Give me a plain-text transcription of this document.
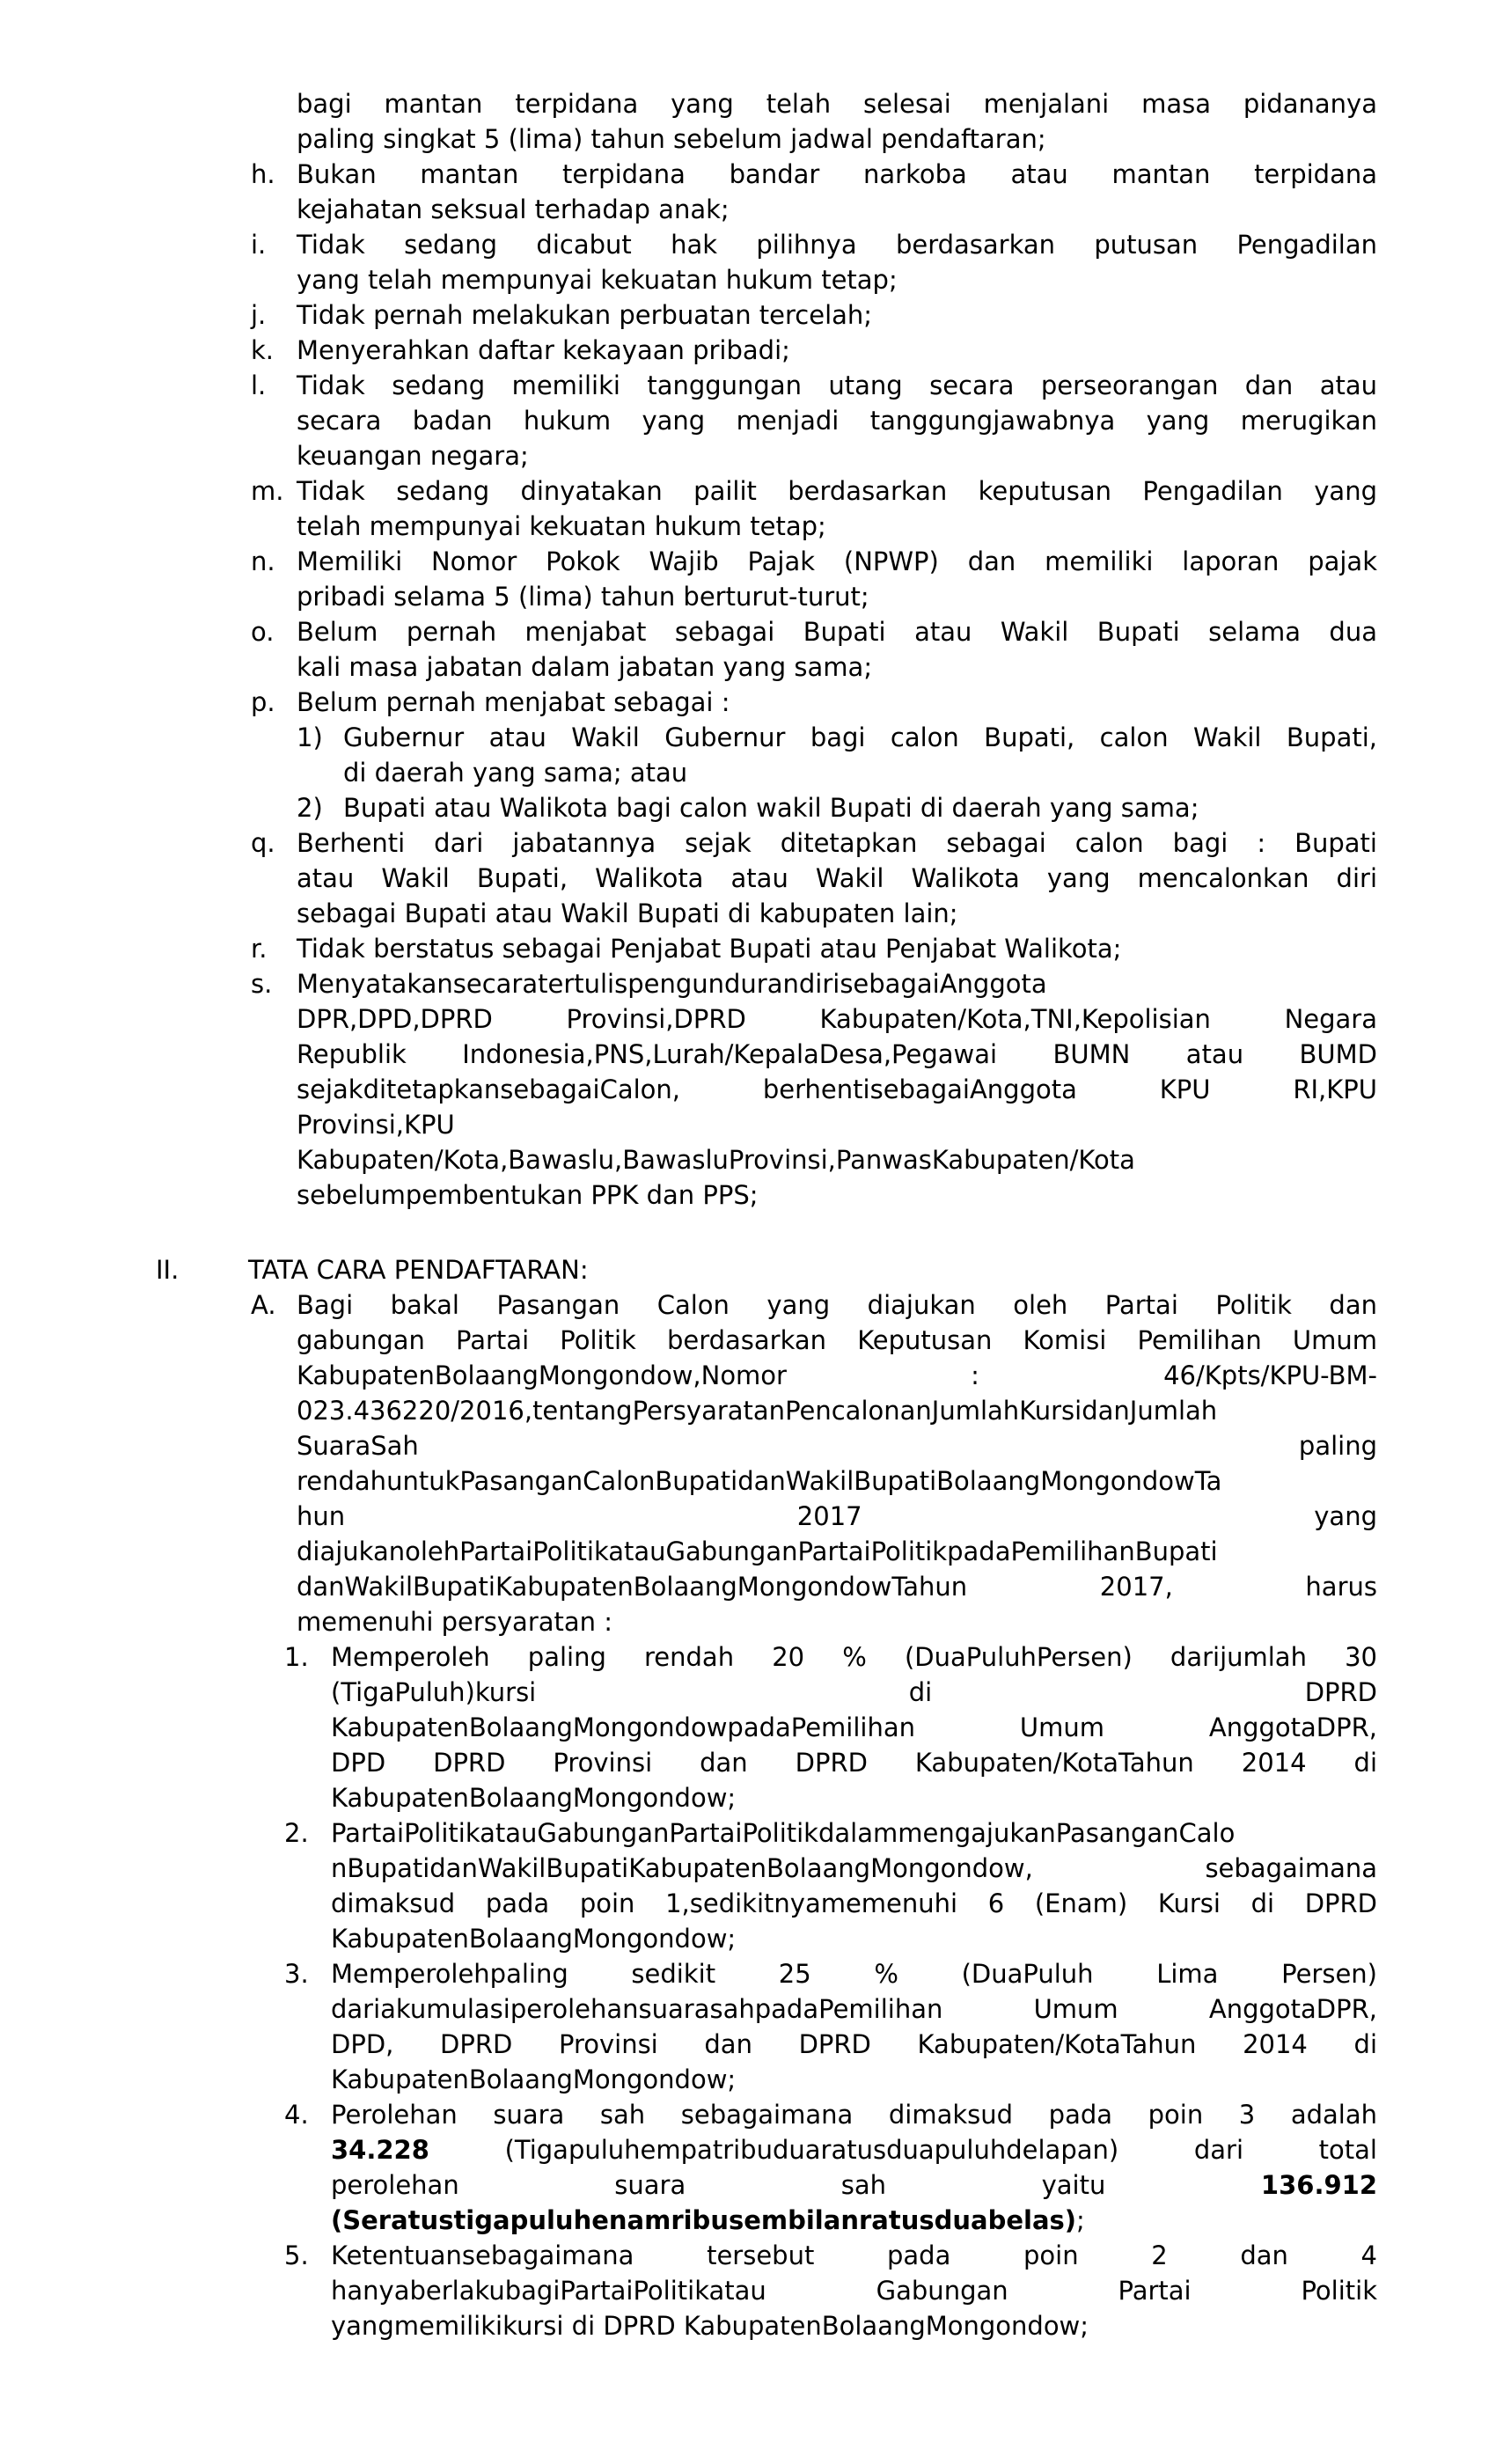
bagi mantan terpidana yang telah selesai menjalani masa pidananya
paling singkat 5 (lima) tahun sebelum jadwal pendaftaran;
h. Bukan mantan terpidana bandar narkoba atau mantan terpidana
kejahatan seksual terhadap anak;
i. Tidak sedang dicabut hak pilihnya berdasarkan putusan Pengadilan
yang telah mempunyai kekuatan hukum tetap;
j. Tidak pernah melakukan perbuatan tercelah;
k. Menyerahkan daftar kekayaan pribadi;
l. Tidak sedang memiliki tanggungan utang secara perseorangan dan atau
secara badan hukum yang menjadi tanggungjawabnya yang merugikan
keuangan negara;
m. Tidak sedang dinyatakan pailit berdasarkan keputusan Pengadilan yang
telah mempunyai kekuatan hukum tetap;
n. Memiliki Nomor Pokok Wajib Pajak (NPWP) dan memiliki laporan pajak
pribadi selama 5 (lima) tahun berturut-turut;
o. Belum pernah menjabat sebagai Bupati atau Wakil Bupati selama dua
kali masa jabatan dalam jabatan yang sama;
p. Belum pernah menjabat sebagai :
1) Gubernur atau Wakil Gubernur bagi calon Bupati, calon Wakil Bupati,
di daerah yang sama; atau
2) Bupati atau Walikota bagi calon wakil Bupati di daerah yang sama;
q. Berhenti dari jabatannya sejak ditetapkan sebagai calon bagi : Bupati
atau Wakil Bupati, Walikota atau Wakil Walikota yang mencalonkan diri
sebagai Bupati atau Wakil Bupati di kabupaten lain;
r. Tidak berstatus sebagai Penjabat Bupati atau Penjabat Walikota;
s. MenyatakansecaratertulispengundurandirisebagaiAnggota
DPR,DPD,DPRD Provinsi,DPRD Kabupaten/Kota,TNI,Kepolisian Negara
Republik Indonesia,PNS,Lurah/KepalaDesa,Pegawai BUMN atau BUMD
sejakditetapkansebagaiCalon, berhentisebagaiAnggota KPU RI,KPU
Provinsi,KPU
Kabupaten/Kota,Bawaslu,BawasluProvinsi,PanwasKabupaten/Kota
sebelumpembentukan PPK dan PPS;
II.	TATA CARA PENDAFTARAN:
A. Bagi bakal Pasangan Calon yang diajukan oleh Partai Politik dan
gabungan Partai Politik berdasarkan Keputusan Komisi Pemilihan Umum
KabupatenBolaangMongondow,Nomor : 46/Kpts/KPU-BM-
023.436220/2016,tentangPersyaratanPencalonanJumlahKursidanJumlah
SuaraSah paling
rendahuntukPasanganCalonBupatidanWakilBupatiBolaangMongondowTa
hun 2017 yang
diajukanolehPartaiPolitikatauGabunganPartaiPolitikpadaPemilihanBupati
danWakilBupatiKabupatenBolaangMongondowTahun 2017, harus
memenuhi persyaratan :
1. Memperoleh paling rendah 20 % (DuaPuluhPersen) darijumlah 30
(TigaPuluh)kursi di DPRD
KabupatenBolaangMongondowpadaPemilihan Umum AnggotaDPR,
DPD DPRD Provinsi dan DPRD Kabupaten/KotaTahun 2014 di
KabupatenBolaangMongondow;
2. PartaiPolitikatauGabunganPartaiPolitikdalammengajukanPasanganCalo
nBupatidanWakilBupatiKabupatenBolaangMongondow, sebagaimana
dimaksud pada poin 1,sedikitnyamemenuhi 6 (Enam) Kursi di DPRD
KabupatenBolaangMongondow;
3. Memperolehpaling sedikit 25 % (DuaPuluh Lima Persen)
dariakumulasiperolehansuarasahpadaPemilihan Umum AnggotaDPR,
DPD, DPRD Provinsi dan DPRD Kabupaten/KotaTahun 2014 di
KabupatenBolaangMongondow;
4. Perolehan suara sah sebagaimana dimaksud pada poin 3 adalah
34.228 (Tigapuluhempatribuduaratusduapuluhdelapan) dari total
perolehan suara sah yaitu 136.912
(Seratustigapuluhenamribusembilanratusduabelas);
5. Ketentuansebagaimana tersebut pada poin 2 dan 4
hanyaberlakubagiPartaiPolitikatau Gabungan Partai Politik
yangmemilikikursi di DPRD KabupatenBolaangMongondow;
